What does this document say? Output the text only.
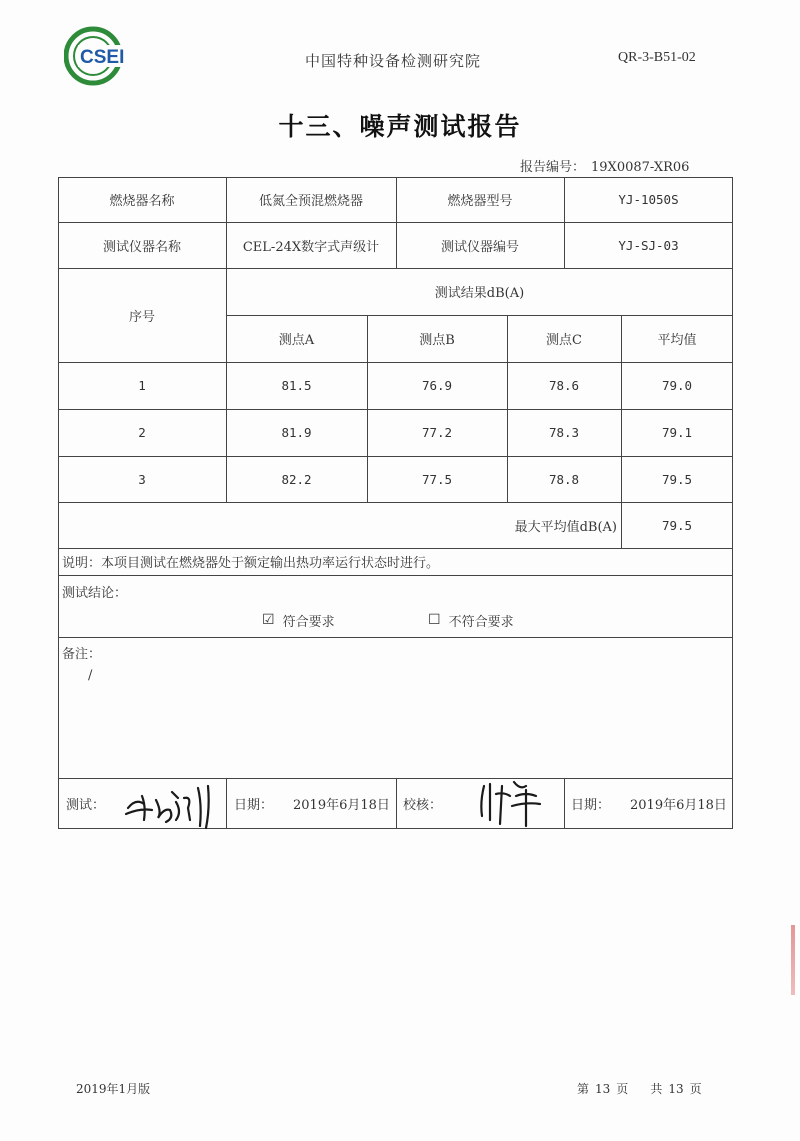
CSEI	中国特种设备检测研究院	QR-3-B51-02
十三、噪声测试报告
报告编号： 19X0087-XR06
燃烧器名称	低氮全预混燃烧器	燃烧器型号	YJ-1050S
测试仪器名称	CEL-24X数字式声级计	测试仪器编号	YJ-SJ-03
序号
测试结果dB(A)
测点A	测点B	测点C	平均值
1	81.5	76.9	78.6	79.0
2	81.9	77.2	78.3	79.1
3	82.2	77.5	78.8	79.5
最大平均值dB(A)	79.5
说明：本项目测试在燃烧器处于额定输出热功率运行状态时进行。
测试结论：
☑ 符合要求	☐ 不符合要求
备注：
/
测试：	日期：	2019年6月18日 校核：	日期：	2019年6月18日
2019年1月版	第 13 页 共 13 页
